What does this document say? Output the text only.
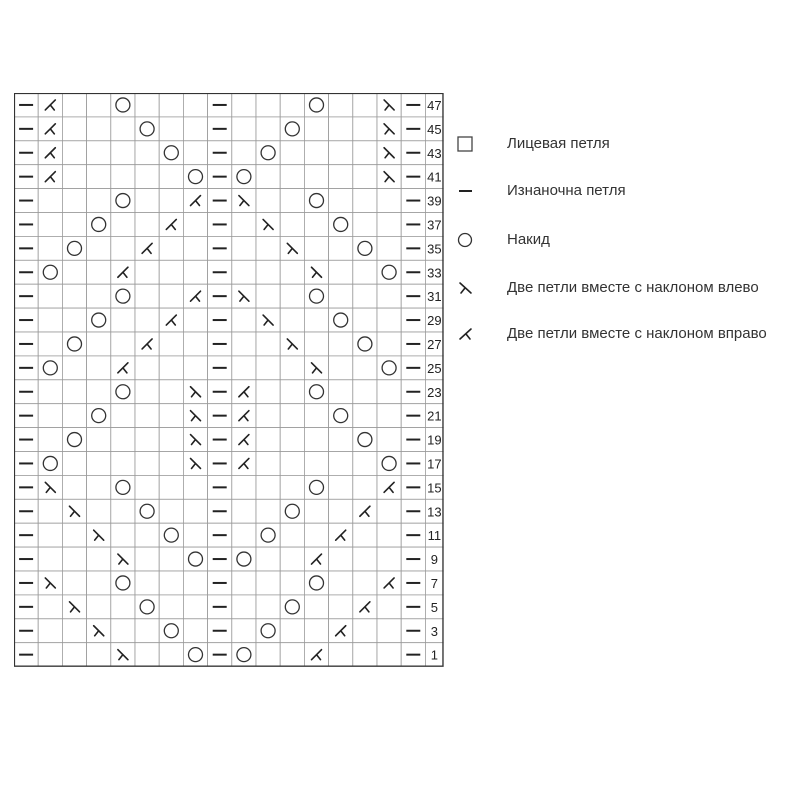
47
45
43
41
39
37
35
33
31
29
27
25
23
21
19
17
15
13
11
9
7
5
3
1
Лицевая петля
Изнаночна петля
Накид
Две петли вместе с наклоном влево
Две петли вместе с наклоном вправо
